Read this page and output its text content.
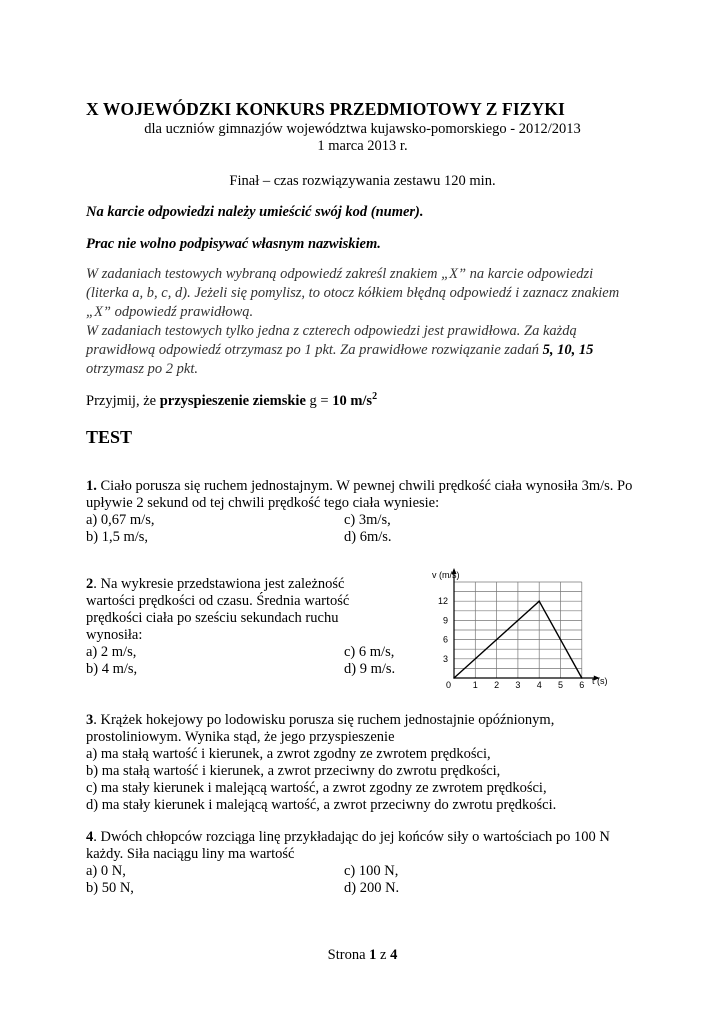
X WOJEWÓDZKI KONKURS PRZEDMIOTOWY Z FIZYKI
dla uczniów gimnazjów województwa kujawsko-pomorskiego - 2012/2013
1 marca 2013 r.
Finał – czas rozwiązywania zestawu 120 min.
Na karcie odpowiedzi należy umieścić swój kod (numer).
Prac nie wolno podpisywać własnym nazwiskiem.
W zadaniach testowych wybraną odpowiedź zakreśl znakiem „X” na karcie odpowiedzi
(literka a, b, c, d). Jeżeli się pomylisz, to otocz kółkiem błędną odpowiedź i zaznacz znakiem
„X” odpowiedź prawidłową.
W zadaniach testowych tylko jedna z czterech odpowiedzi jest prawidłowa. Za każdą
prawidłową odpowiedź otrzymasz po 1 pkt. Za prawidłowe rozwiązanie zadań 5, 10, 15
otrzymasz po 2 pkt.
Przyjmij, że przyspieszenie ziemskie g = 10 $m/s^2$
TEST
1. Ciało porusza się ruchem jednostajnym. W pewnej chwili prędkość ciała wynosiła 3m/s. Po
upływie 2 sekund od tej chwili prędkość tego ciała wyniesie:
a) 0,67 m/s,	c) 3m/s,
b) 1,5 m/s,	d) 6m/s.
2. Na wykresie przedstawiona jest zależność
wartości prędkości od czasu. Średnia wartość
prędkości ciała po sześciu sekundach ruchu
wynosiła:
a) 2 m/s,	c) 6 m/s,
b) 4 m/s,	d) 9 m/s.
0 1 2 3 4 5 6
3
6
9
12
v (m/s)
t (s)
3. Krążek hokejowy po lodowisku porusza się ruchem jednostajnie opóźnionym,
prostoliniowym. Wynika stąd, że jego przyspieszenie
a) ma stałą wartość i kierunek, a zwrot zgodny ze zwrotem prędkości,
b) ma stałą wartość i kierunek, a zwrot przeciwny do zwrotu prędkości,
c) ma stały kierunek i malejącą wartość, a zwrot zgodny ze zwrotem prędkości,
d) ma stały kierunek i malejącą wartość, a zwrot przeciwny do zwrotu prędkości.
4. Dwóch chłopców rozciąga linę przykładając do jej końców siły o wartościach po 100 N
każdy. Siła naciągu liny ma wartość
a) 0 N,	c) 100 N,
b) 50 N,	d) 200 N.
Strona 1 z 4
